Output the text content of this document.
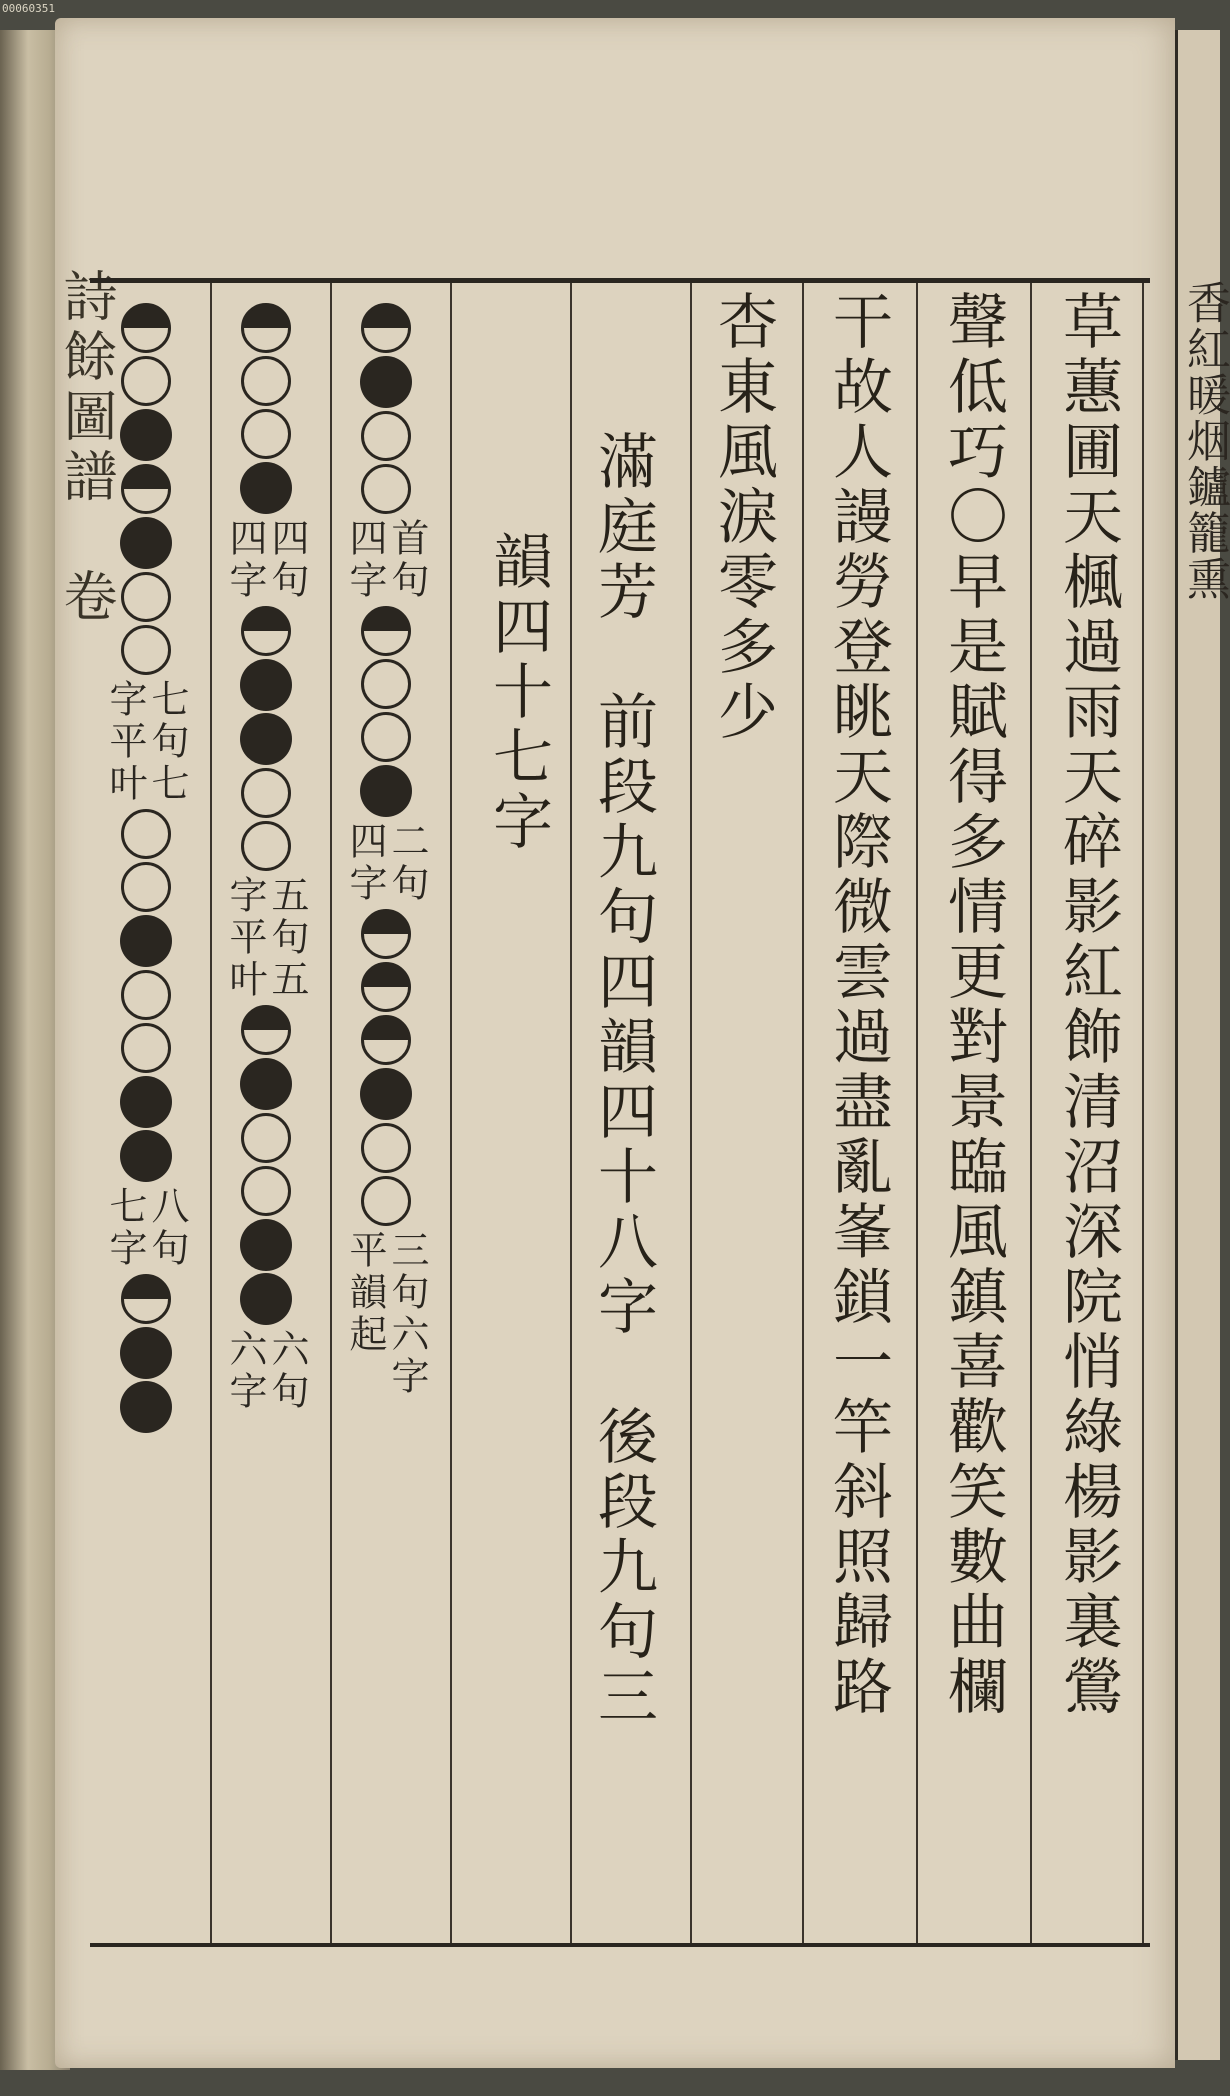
00060351
詩餘圖譜　卷	香紅暖烟鑪籠熏
草蕙圃天楓過雨天碎影紅飾清沼深院悄綠楊影裏鶯
聲低巧〇早是賦得多情更對景臨風鎮喜歡笑數曲欄
干故人謾勞登眺天際微雲過盡亂峯鎖一竿斜照歸路
杏東風淚零多少
滿庭芳　前段九句四韻四十八字　後段九句三
韻四十七字
首句
四字
二句
四字
三句六字
平韻起
四句
四字
五句五
字平叶
六句
六字
七句七
字平叶
八句
七字
